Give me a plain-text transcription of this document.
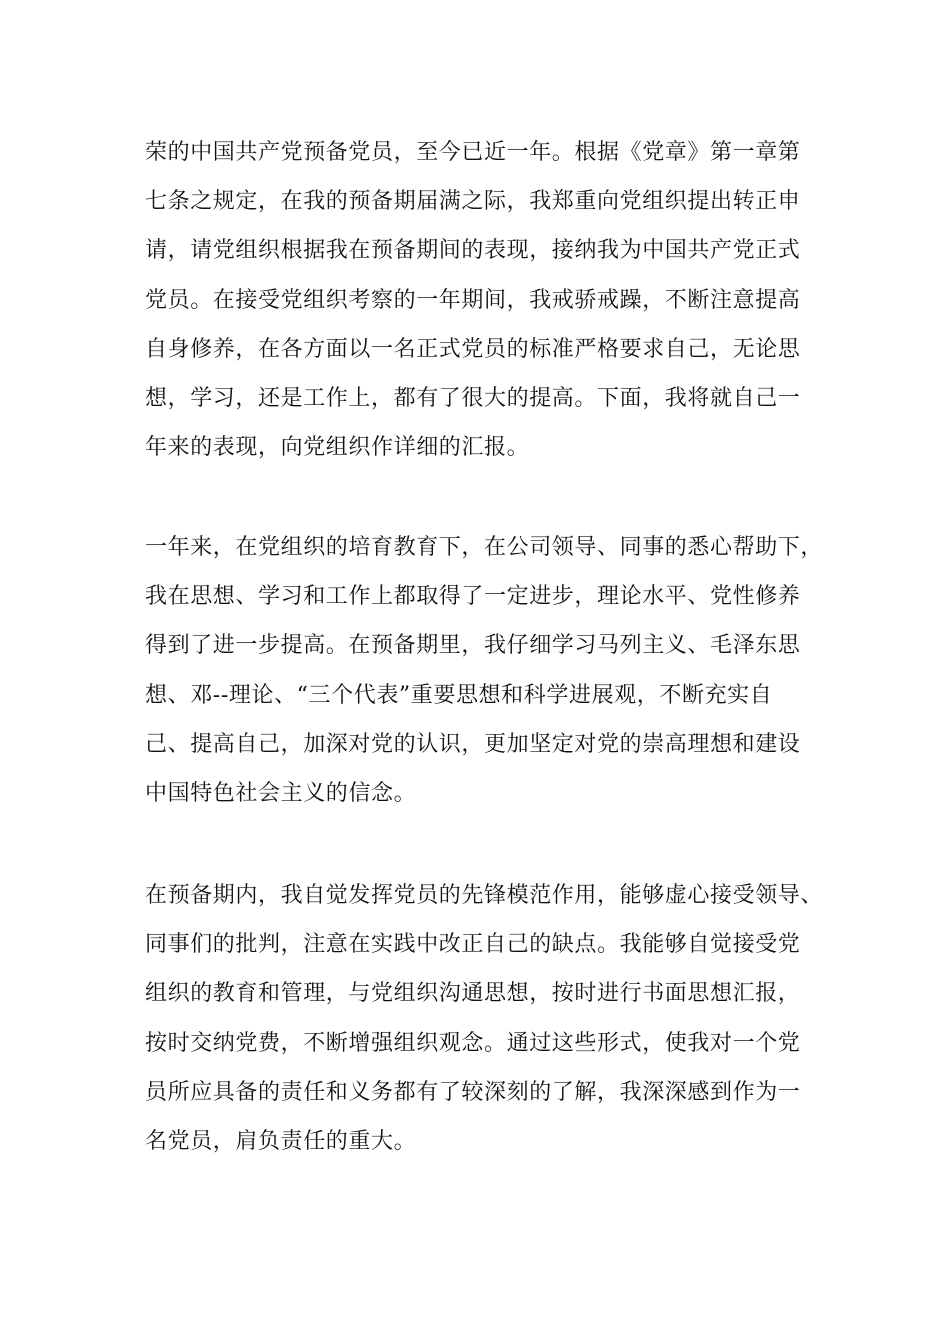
荣的中国共产党预备党员，至今已近一年。根据《党章》第一章第
七条之规定，在我的预备期届满之际，我郑重向党组织提出转正申
请，请党组织根据我在预备期间的表现，接纳我为中国共产党正式
党员。在接受党组织考察的一年期间，我戒骄戒躁，不断注意提高
自身修养，在各方面以一名正式党员的标准严格要求自己，无论思
想，学习，还是工作上，都有了很大的提高。下面，我将就自己一
年来的表现，向党组织作详细的汇报。
一年来，在党组织的培育教育下，在公司领导、同事的悉心帮助下，
我在思想、学习和工作上都取得了一定进步，理论水平、党性修养
得到了进一步提高。在预备期里，我仔细学习马列主义、毛泽东思
想、邓--理论、“三个代表”重要思想和科学进展观，不断充实自
己、提高自己，加深对党的认识，更加坚定对党的崇高理想和建设
中国特色社会主义的信念。
在预备期内，我自觉发挥党员的先锋模范作用，能够虚心接受领导、
同事们的批判，注意在实践中改正自己的缺点。我能够自觉接受党
组织的教育和管理，与党组织沟通思想，按时进行书面思想汇报，
按时交纳党费，不断增强组织观念。通过这些形式，使我对一个党
员所应具备的责任和义务都有了较深刻的了解，我深深感到作为一
名党员，肩负责任的重大。
